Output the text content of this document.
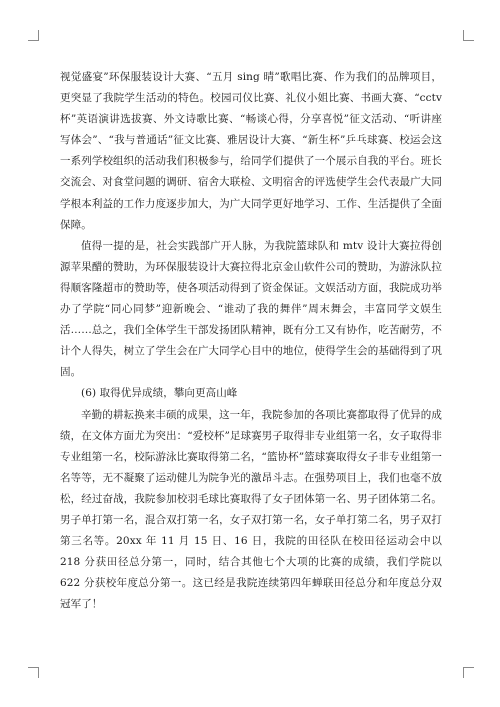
视觉盛宴”环保服装设计大赛、“五月 sing 晴”歌唱比赛、作为我们的品牌项目，更突显了我院学生活动的特色。校园司仪比赛、礼仪小姐比赛、书画大赛、“cctv 杯”英语演讲选拔赛、外文诗歌比赛、“畅谈心得，分享喜悦”征文活动、“听讲座写体会”、“我与普通话”征文比赛、雅居设计大赛、“新生杯”乒乓球赛、校运会这一系列学校组织的活动我们积极参与，给同学们提供了一个展示自我的平台。班长交流会、对食堂问题的调研、宿舍大联检、文明宿舍的评选使学生会代表最广大同学根本利益的工作力度逐步加大，为广大同学更好地学习、工作、生活提供了全面保障。

值得一提的是，社会实践部广开人脉，为我院篮球队和 mtv 设计大赛拉得创源苹果醋的赞助，为环保服装设计大赛拉得北京金山软件公司的赞助，为游泳队拉得顺客隆超市的赞助等，使各项活动得到了资金保证。文娱活动方面，我院成功举办了学院“同心同梦”迎新晚会、“谁动了我的舞伴”周末舞会，丰富同学文娱生活……总之，我们全体学生干部发扬团队精神，既有分工又有协作，吃苦耐劳，不计个人得失，树立了学生会在广大同学心目中的地位，使得学生会的基础得到了巩固。

(6) 取得优异成绩，攀向更高山峰

辛勤的耕耘换来丰硕的成果，这一年，我院参加的各项比赛都取得了优异的成绩，在文体方面尤为突出：“爱校杯”足球赛男子取得非专业组第一名，女子取得非专业组第一名，校际游泳比赛取得第二名，“篮协杯”篮球赛取得女子非专业组第一名等等，无不凝聚了运动健儿为院争光的激昂斗志。在强势项目上，我们也毫不放松，经过奋战，我院参加校羽毛球比赛取得了女子团体第一名、男子团体第二名。男子单打第一名，混合双打第一名，女子双打第一名，女子单打第二名，男子双打第三名等。20xx 年 11 月 15 日、16 日，我院的田径队在校田径运动会中以 218 分获田径总分第一，同时，结合其他七个大项的比赛的成绩，我们学院以 622 分获校年度总分第一。这已经是我院连续第四年蝉联田径总分和年度总分双冠军了！
